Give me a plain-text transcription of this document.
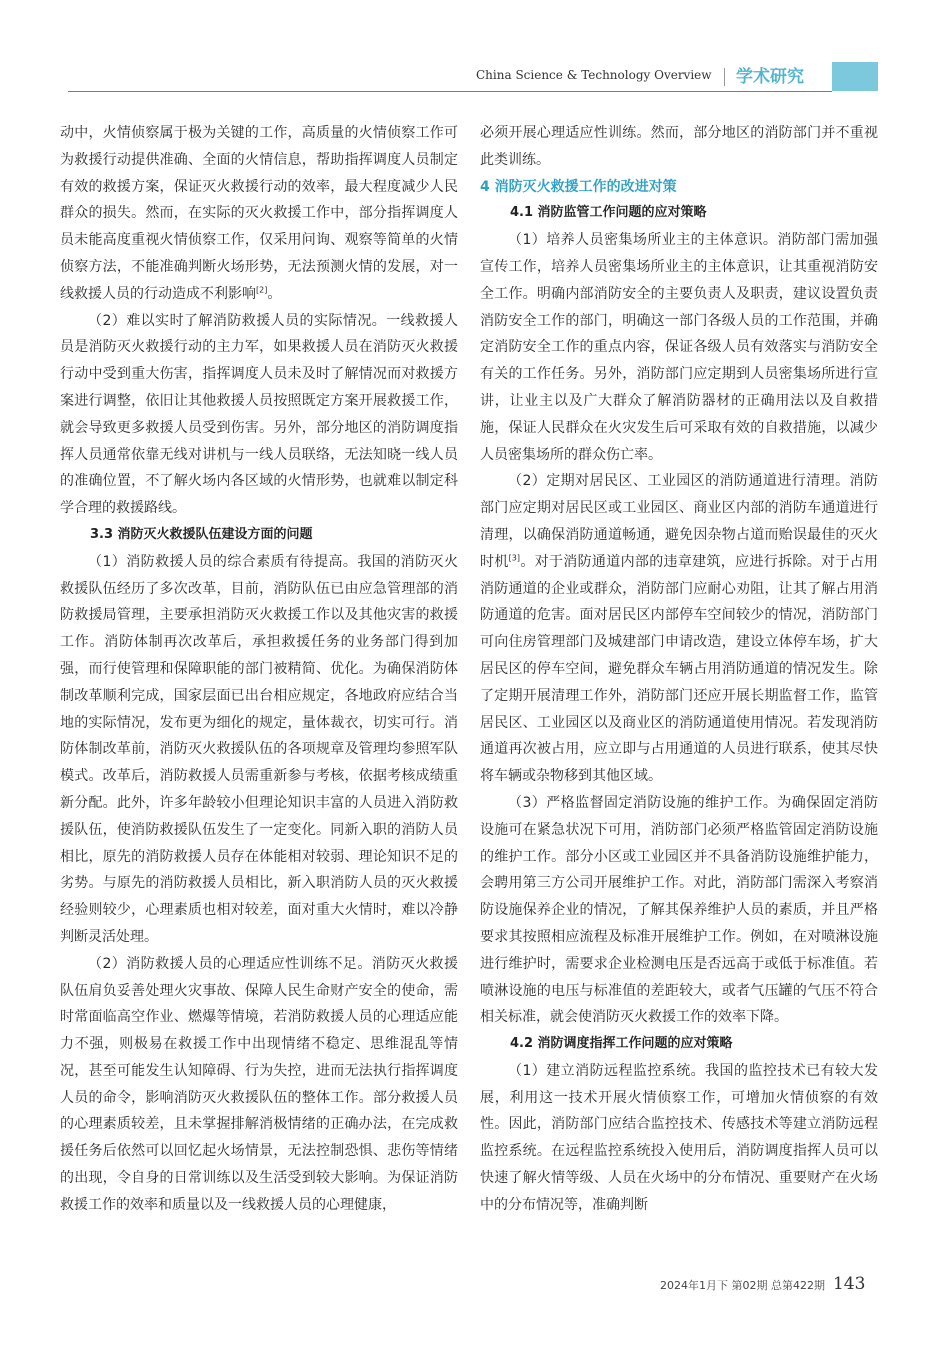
China Science & Technology Overview 学术研究

动中，火情侦察属于极为关键的工作，高质量的火情侦察工作可为救援行动提供准确、全面的火情信息，帮助指挥调度人员制定有效的救援方案，保证灭火救援行动的效率，最大程度减少人民群众的损失。然而，在实际的灭火救援工作中，部分指挥调度人员未能高度重视火情侦察工作，仅采用问询、观察等简单的火情侦察方法，不能准确判断火场形势，无法预测火情的发展，对一线救援人员的行动造成不利影响[2]。

（2）难以实时了解消防救援人员的实际情况。一线救援人员是消防灭火救援行动的主力军，如果救援人员在消防灭火救援行动中受到重大伤害，指挥调度人员未及时了解情况而对救援方案进行调整，依旧让其他救援人员按照既定方案开展救援工作，就会导致更多救援人员受到伤害。另外，部分地区的消防调度指挥人员通常依靠无线对讲机与一线人员联络，无法知晓一线人员的准确位置，不了解火场内各区域的火情形势，也就难以制定科学合理的救援路线。

3.3 消防灭火救援队伍建设方面的问题

（1）消防救援人员的综合素质有待提高。我国的消防灭火救援队伍经历了多次改革，目前，消防队伍已由应急管理部的消防救援局管理，主要承担消防灭火救援工作以及其他灾害的救援工作。消防体制再次改革后，承担救援任务的业务部门得到加强，而行使管理和保障职能的部门被精简、优化。为确保消防体制改革顺利完成，国家层面已出台相应规定，各地政府应结合当地的实际情况，发布更为细化的规定，量体裁衣，切实可行。消防体制改革前，消防灭火救援队伍的各项规章及管理均参照军队模式。改革后，消防救援人员需重新参与考核，依据考核成绩重新分配。此外，许多年龄较小但理论知识丰富的人员进入消防救援队伍，使消防救援队伍发生了一定变化。同新入职的消防人员相比，原先的消防救援人员存在体能相对较弱、理论知识不足的劣势。与原先的消防救援人员相比，新入职消防人员的灭火救援经验则较少，心理素质也相对较差，面对重大火情时，难以冷静判断灵活处理。

（2）消防救援人员的心理适应性训练不足。消防灭火救援队伍肩负妥善处理火灾事故、保障人民生命财产安全的使命，需时常面临高空作业、燃爆等情境，若消防救援人员的心理适应能力不强，则极易在救援工作中出现情绪不稳定、思维混乱等情况，甚至可能发生认知障碍、行为失控，进而无法执行指挥调度人员的命令，影响消防灭火救援队伍的整体工作。部分救援人员的心理素质较差，且未掌握排解消极情绪的正确办法，在完成救援任务后依然可以回忆起火场情景，无法控制恐惧、悲伤等情绪的出现，令自身的日常训练以及生活受到较大影响。为保证消防救援工作的效率和质量以及一线救援人员的心理健康，

必须开展心理适应性训练。然而，部分地区的消防部门并不重视此类训练。

4 消防灭火救援工作的改进对策
4.1 消防监管工作问题的应对策略

（1）培养人员密集场所业主的主体意识。消防部门需加强宣传工作，培养人员密集场所业主的主体意识，让其重视消防安全工作。明确内部消防安全的主要负责人及职责，建议设置负责消防安全工作的部门，明确这一部门各级人员的工作范围，并确定消防安全工作的重点内容，保证各级人员有效落实与消防安全有关的工作任务。另外，消防部门应定期到人员密集场所进行宣讲，让业主以及广大群众了解消防器材的正确用法以及自救措施，保证人民群众在火灾发生后可采取有效的自救措施，以减少人员密集场所的群众伤亡率。

（2）定期对居民区、工业园区的消防通道进行清理。消防部门应定期对居民区或工业园区、商业区内部的消防车通道进行清理，以确保消防通道畅通，避免因杂物占道而贻误最佳的灭火时机[3]。对于消防通道内部的违章建筑，应进行拆除。对于占用消防通道的企业或群众，消防部门应耐心劝阻，让其了解占用消防通道的危害。面对居民区内部停车空间较少的情况，消防部门可向住房管理部门及城建部门申请改造，建设立体停车场，扩大居民区的停车空间，避免群众车辆占用消防通道的情况发生。除了定期开展清理工作外，消防部门还应开展长期监督工作，监管居民区、工业园区以及商业区的消防通道使用情况。若发现消防通道再次被占用，应立即与占用通道的人员进行联系，使其尽快将车辆或杂物移到其他区域。

（3）严格监督固定消防设施的维护工作。为确保固定消防设施可在紧急状况下可用，消防部门必须严格监管固定消防设施的维护工作。部分小区或工业园区并不具备消防设施维护能力，会聘用第三方公司开展维护工作。对此，消防部门需深入考察消防设施保养企业的情况，了解其保养维护人员的素质，并且严格要求其按照相应流程及标准开展维护工作。例如，在对喷淋设施进行维护时，需要求企业检测电压是否远高于或低于标准值。若喷淋设施的电压与标准值的差距较大，或者气压罐的气压不符合相关标准，就会使消防灭火救援工作的效率下降。

4.2 消防调度指挥工作问题的应对策略

（1）建立消防远程监控系统。我国的监控技术已有较大发展，利用这一技术开展火情侦察工作，可增加火情侦察的有效性。因此，消防部门应结合监控技术、传感技术等建立消防远程监控系统。在远程监控系统投入使用后，消防调度指挥人员可以快速了解火情等级、人员在火场中的分布情况、重要财产在火场中的分布情况等，准确判断

2024年1月下 第02期 总第422期 143
